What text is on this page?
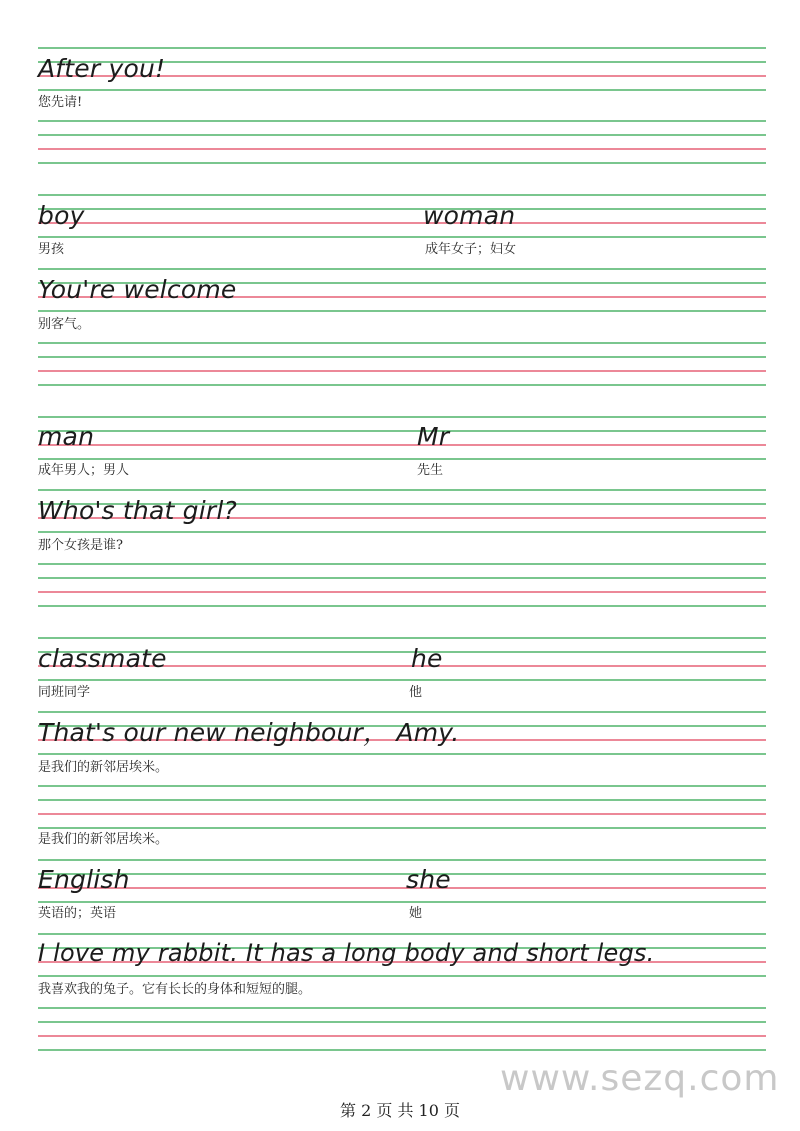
After you!
您先请!
boy
男孩
woman
成年女子；妇女
You're welcome
别客气。
man
成年男人；男人
Mr
先生
Who's that girl?
那个女孩是谁?
classmate
同班同学
he
他
That's our new neighbour， Amy.
是我们的新邻居埃米。
是我们的新邻居埃米。
English
英语的；英语
she
她
I love my rabbit. It has a long body and short legs.
我喜欢我的兔子。它有长长的身体和短短的腿。
www.sezq.com
第 2 页 共 10 页
